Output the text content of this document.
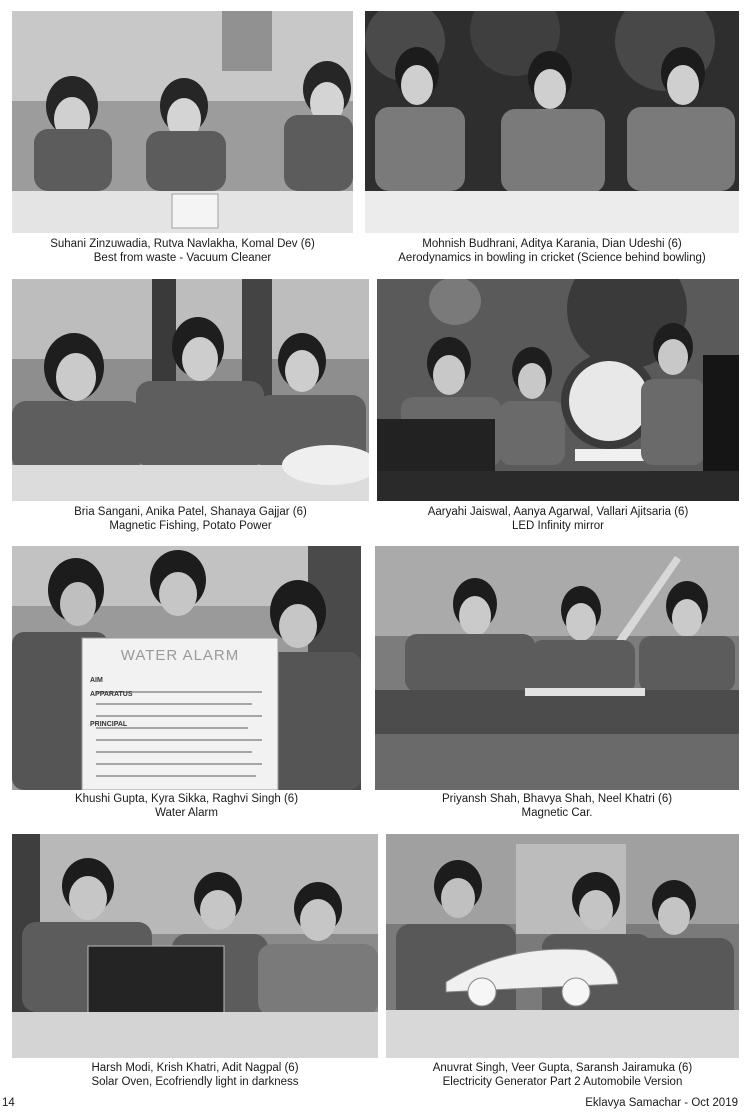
Suhani Zinzuwadia, Rutva Navlakha, Komal Dev (6)
Best from waste - Vacuum Cleaner
Mohnish Budhrani, Aditya Karania, Dian Udeshi (6)
Aerodynamics in bowling in cricket (Science behind bowling)
Bria Sangani, Anika Patel, Shanaya Gajjar (6)
Magnetic Fishing, Potato Power
Aaryahi Jaiswal, Aanya Agarwal, Vallari Ajitsaria (6)
LED Infinity mirror
WATER ALARM
AIM
APPARATUS
PRINCIPAL
Khushi Gupta, Kyra Sikka, Raghvi Singh (6)
Water Alarm
Priyansh Shah, Bhavya Shah, Neel Khatri (6)
Magnetic Car.
Harsh Modi, Krish Khatri, Adit Nagpal (6)
Solar Oven, Ecofriendly light in darkness
Anuvrat Singh, Veer Gupta, Saransh Jairamuka (6)
Electricity Generator Part 2 Automobile Version
14	Eklavya Samachar - Oct 2019
